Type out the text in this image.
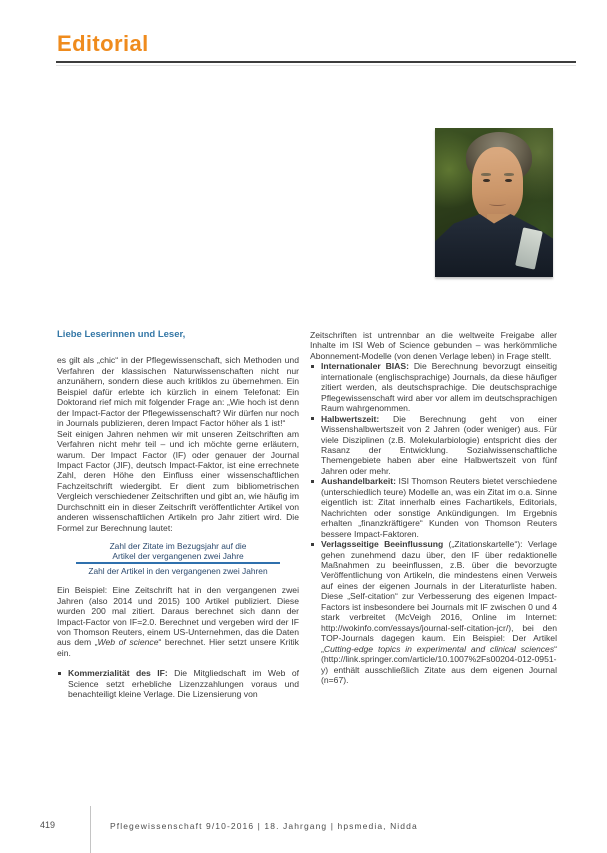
Editorial
Liebe Leserinnen und Leser,

es gilt als „chic“ in der Pflegewissenschaft, sich Methoden und Verfahren der klassischen Naturwissenschaften nicht nur anzunähern, sondern diese auch kritiklos zu übernehmen. Ein Beispiel dafür erlebte ich kürzlich in einem Telefonat: Ein Doktorand rief mich mit folgender Frage an: „Wie hoch ist denn der Impact-Factor der Pflegewissenschaft? Wir dürfen nur noch in Journals publizieren, deren Impact Factor höher als 1 ist!“

Seit einigen Jahren nehmen wir mit unseren Zeitschriften am Verfahren nicht mehr teil – und ich möchte gerne erläutern, warum. Der Impact Factor (IF) oder genauer der Journal Impact Factor (JIF), deutsch Impact-Faktor, ist eine errechnete Zahl, deren Höhe den Einfluss einer wissenschaftlichen Fachzeitschrift wiedergibt. Er dient zum bibliometrischen Vergleich verschiedener Zeitschriften und gibt an, wie häufig im Durchschnitt ein in dieser Zeitschrift veröffentlichter Artikel von anderen wissenschaftlichen Artikeln pro Jahr zitiert wird. Die Formel zur Berechnung lautet:

Zahl der Zitate im Bezugsjahr auf die
Artikel der vergangenen zwei Jahre
Zahl der Artikel in den vergangenen zwei Jahren

Ein Beispiel: Eine Zeitschrift hat in den vergangenen zwei Jahren (also 2014 und 2015) 100 Artikel publiziert. Diese wurden 200 mal zitiert. Daraus berechnet sich dann der Impact-Factor von IF=2.0. Berechnet und vergeben wird der IF von Thomson Reuters, einem US-Unternehmen, das die Daten aus dem „Web of science“ berechnet. Hier setzt unsere Kritik ein.

Kommerzialität des IF: Die Mitgliedschaft im Web of Science setzt erhebliche Lizenzzahlungen voraus und benachteiligt kleine Verlage. Die Lizensierung von

Zeitschriften ist untrennbar an die weltweite Freigabe aller Inhalte im ISI Web of Science gebunden – was herkömmliche Abonnement-Modelle (von denen Verlage leben) in Frage stellt.

Internationaler BIAS: Die Berechnung bevorzugt einseitig internationale (englischsprachige) Journals, da diese häufiger zitiert werden, als deutschsprachige. Die deutschsprachige Pflegewissenschaft wird aber vor allem im deutschsprachigen Raum wahrgenommen.
Halbwertszeit: Die Berechnung geht von einer Wissenshalbwertszeit von 2 Jahren (oder weniger) aus. Für viele Disziplinen (z.B. Molekularbiologie) entspricht dies der Rasanz der Entwicklung. Sozialwissenschaftliche Themengebiete haben aber eine Halbwertszeit von fünf Jahren oder mehr.
Aushandelbarkeit: ISI Thomson Reuters bietet verschiedene (unterschiedlich teure) Modelle an, was ein Zitat im o.a. Sinne eigentlich ist: Zitat innerhalb eines Fachartikels, Editorials, Nachrichten oder sonstige Ankündigungen. Im Ergebnis erhalten „finanzkräftigere“ Kunden von Thomson Reuters bessere Impact-Faktoren.
Verlagsseitige Beeinflussung („Zitationskartelle“): Verlage gehen zunehmend dazu über, den IF über redaktionelle Maßnahmen zu beeinflussen, z.B. über die bevorzugte Veröffentlichung von Artikeln, die mindestens einen Verweis auf eines der eigenen Journals in der Literaturliste haben. Diese „Self-citation“ zur Verbesserung des eigenen Impact-Factors ist insbesondere bei Journals mit IF zwischen 0 und 4 stark verbreitet (McVeigh 2016, Online im Internet: http://wokinfo.com/essays/journal-self-citation-jcr/), bei den TOP-Journals dagegen kaum. Ein Beispiel: Der Artikel „Cutting-edge topics in experimental and clinical sciences“ (http://link.springer.com/article/10.1007%2Fs00204-012-0951-y) enthält ausschließlich Zitate aus dem eigenen Journal (n=67).
419	Pflegewissenschaft 9/10-2016 | 18. Jahrgang | hpsmedia, Nidda
